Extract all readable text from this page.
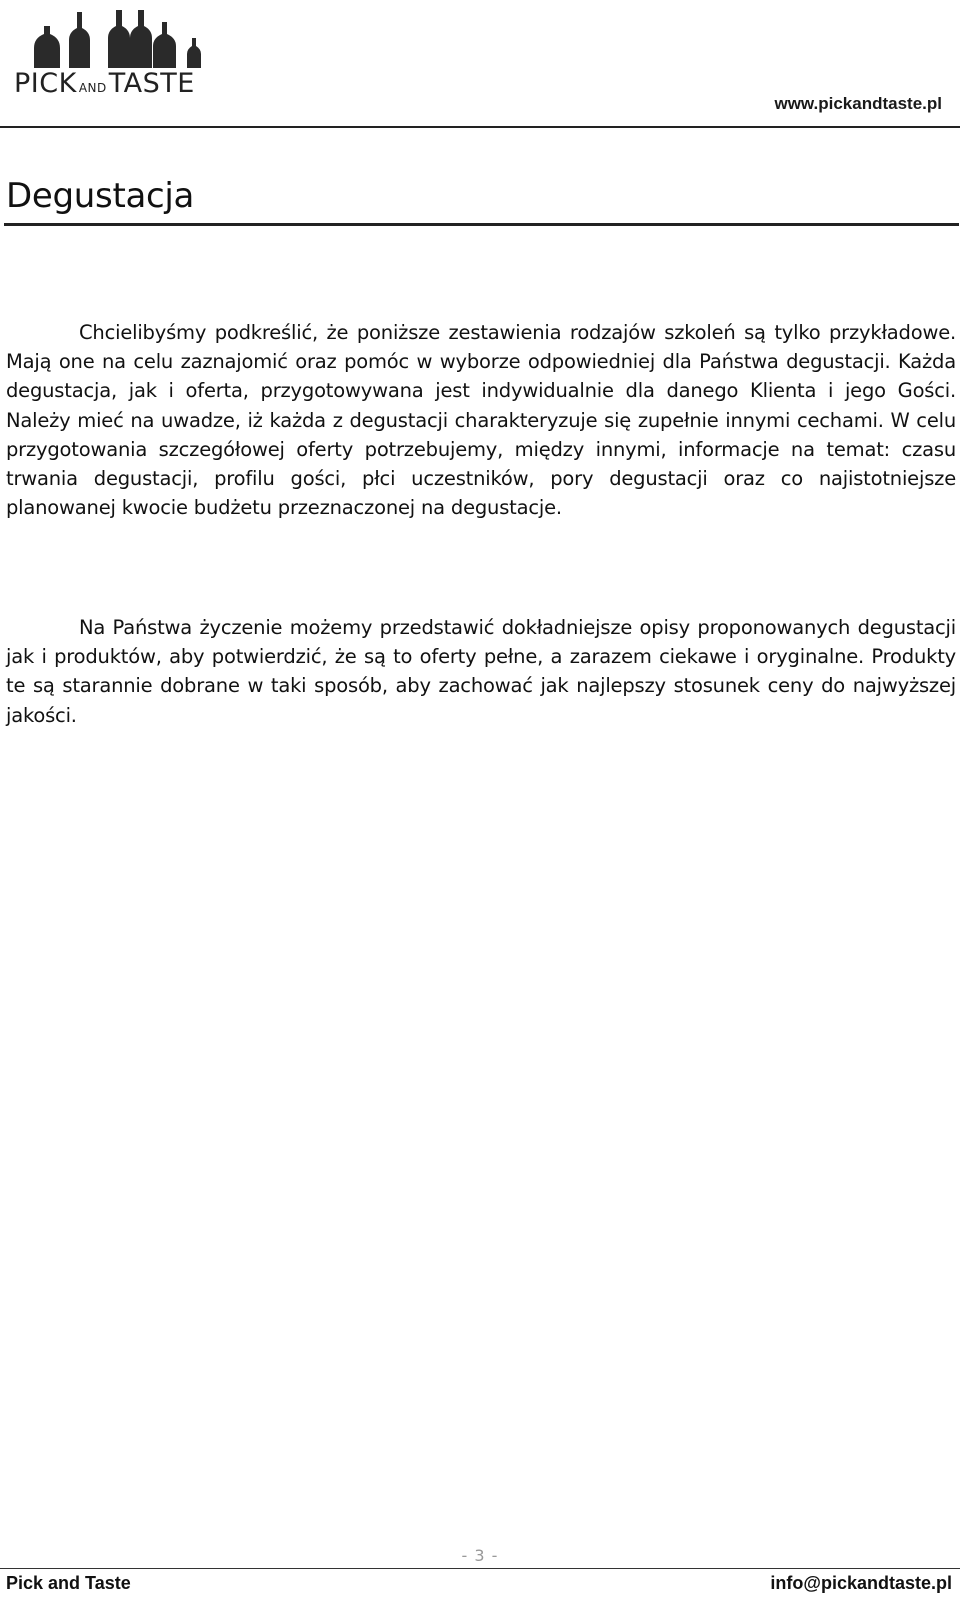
PICK ANDTASTE
www.pickandtaste.pl
Degustacja

Chcielibyśmy podkreślić, że poniższe zestawienia rodzajów szkoleń są tylko przykładowe. Mają one na celu zaznajomić oraz pomóc w wyborze odpowiedniej dla Państwa degustacji. Każda degustacja, jak i oferta, przygotowywana jest indywidualnie dla danego Klienta i jego Gości. Należy mieć na uwadze, iż każda z degustacji charakteryzuje się zupełnie innymi cechami. W celu przygotowania szczegółowej oferty potrzebujemy, między innymi, informacje na temat: czasu trwania degustacji, profilu gości, płci uczestników, pory degustacji oraz co najistotniejsze planowanej kwocie budżetu przeznaczonej na degustacje.

Na Państwa życzenie możemy przedstawić dokładniejsze opisy proponowanych degustacji jak i produktów, aby potwierdzić, że są to oferty pełne, a zarazem ciekawe i oryginalne. Produkty te są starannie dobrane w taki sposób, aby zachować jak najlepszy stosunek ceny do najwyższej jakości.

- 3 -
Pick and Taste	info@pickandtaste.pl
